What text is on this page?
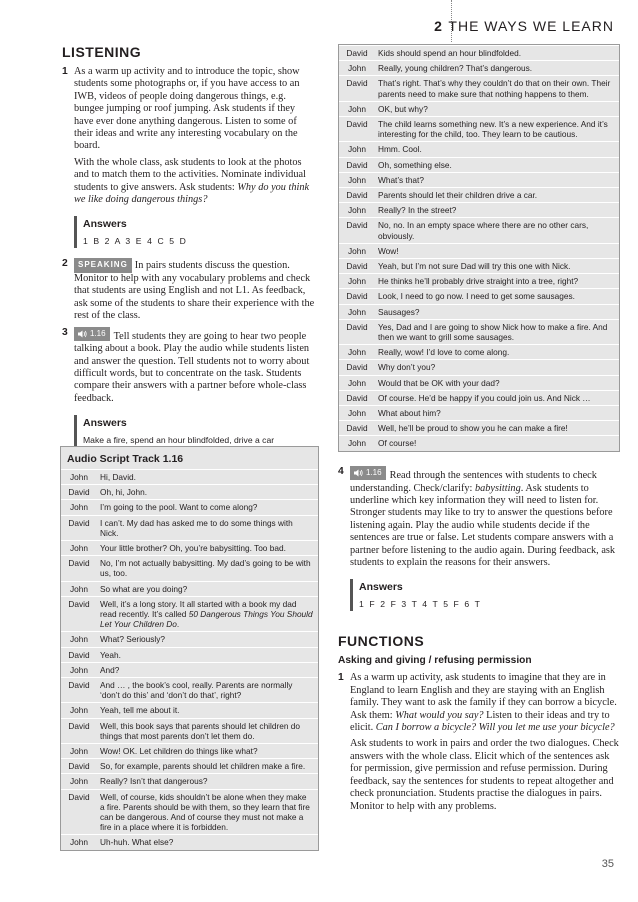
2 THE WAYS WE LEARN
LISTENING
1 As a warm up activity and to introduce the topic, show students some photographs or, if you have access to an IWB, videos of people doing dangerous things, e.g. bungee jumping or roof jumping. Ask students if they have ever done anything dangerous. Listen to some of their ideas and write any interesting vocabulary on the board.

With the whole class, ask students to look at the photos and to match them to the activities. Nominate individual students to give answers. Ask students: Why do you think we like doing dangerous things?

Answers
1 B 2 A 3 E 4 C 5 D
2	SPEAKING In pairs students discuss the question. Monitor to help with any vocabulary problems and check that students are using English and not L1. As feedback, ask some of the students to share their experience with the rest of the class.

3	1.16 Tell students they are going to hear two people talking about a book. Play the audio while students listen and answer the question. Tell students not to worry about difficult words, but to concentrate on the task. Students compare their answers with a partner before whole-class feedback.

Answers
Make a fire, spend an hour blindfolded, drive a car
Audio Script Track 1.16
John	Hi, David.
David	Oh, hi, John.
John	I’m going to the pool. Want to come along?
David	I can’t. My dad has asked me to do some things with Nick.
John	Your little brother? Oh, you’re babysitting. Too bad.
David	No, I’m not actually babysitting. My dad’s going to be with us, too.
John	So what are you doing?
David	Well, it’s a long story. It all started with a book my dad read recently. It’s called 50 Dangerous Things You Should Let Your Children Do.
John	What? Seriously?
David	Yeah.
John	And?
David	And … , the book’s cool, really. Parents are normally ‘don’t do this’ and ‘don’t do that’, right?
John	Yeah, tell me about it.
David	Well, this book says that parents should let children do things that most parents don’t let them do.
John	Wow! OK. Let children do things like what?
David	So, for example, parents should let children make a fire.
John	Really? Isn’t that dangerous?
David	Well, of course, kids shouldn’t be alone when they make a fire. Parents should be with them, so they learn that fire can be dangerous. And of course they must not make a fire in a place where it is forbidden.
John	Uh-huh. What else?
David	Kids should spend an hour blindfolded.
John	Really, young children? That’s dangerous.
David	That’s right. That’s why they couldn’t do that on their own. Their parents need to make sure that nothing happens to them.
John	OK, but why?
David	The child learns something new. It’s a new experience. And it’s interesting for the child, too. They learn to be cautious.
John	Hmm. Cool.
David	Oh, something else.
John	What’s that?
David	Parents should let their children drive a car.
John	Really? In the street?
David	No, no. In an empty space where there are no other cars, obviously.
John	Wow!
David	Yeah, but I’m not sure Dad will try this one with Nick.
John	He thinks he’ll probably drive straight into a tree, right?
David	Look, I need to go now. I need to get some sausages.
John	Sausages?
David	Yes, Dad and I are going to show Nick how to make a fire. And then we want to grill some sausages.
John	Really, wow! I’d love to come along.
David	Why don’t you?
John	Would that be OK with your dad?
David	Of course. He’d be happy if you could join us. And Nick …
John	What about him?
David	Well, he’ll be proud to show you he can make a fire!
John	Of course!
4	1.16 Read through the sentences with students to check understanding. Check/clarify: babysitting. Ask students to underline which key information they will need to listen for. Stronger students may like to try to answer the questions before listening again. Play the audio while students decide if the sentences are true or false. Let students compare answers with a partner before listening to the audio again. During feedback, ask students to explain the reasons for their answers.

Answers
1 F 2 F 3 T 4 T 5 F 6 T
FUNCTIONS
Asking and giving / refusing permission
1 As a warm up activity, ask students to imagine that they are in England to learn English and they are staying with an English family. They want to ask the family if they can borrow a bicycle. Ask them: What would you say? Listen to their ideas and try to elicit. Can I borrow a bicycle? Will you let me use your bicycle?

Ask students to work in pairs and order the two dialogues. Check answers with the whole class. Elicit which of the sentences ask for permission, give permission and refuse permission. During feedback, say the sentences for students to repeat altogether and check pronunciation. Students practise the dialogues in pairs. Monitor to help with any problems.

35
